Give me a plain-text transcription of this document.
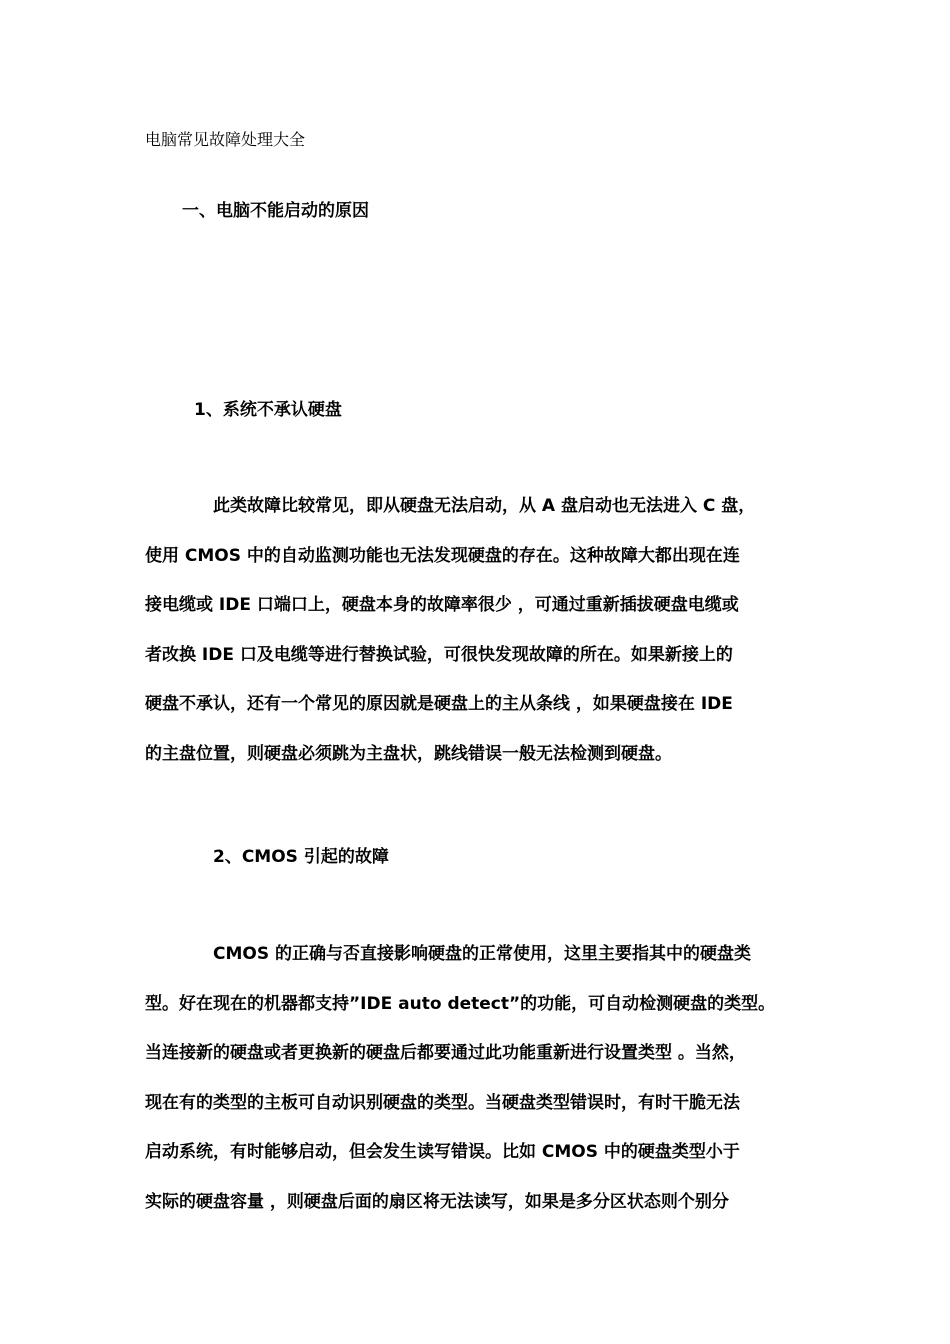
电脑常见故障处理大全

一、电脑不能启动的原因

1、系统不承认硬盘

此类故障比较常见，即从硬盘无法启动，从 A 盘启动也无法进入 C 盘，
使用 CMOS 中的自动监测功能也无法发现硬盘的存在。这种故障大都出现在连
接电缆或 IDE 口端口上，硬盘本身的故障率很少 ，可通过重新插拔硬盘电缆或
者改换 IDE 口及电缆等进行替换试验，可很快发现故障的所在。如果新接上的
硬盘不承认，还有一个常见的原因就是硬盘上的主从条线 ，如果硬盘接在 IDE
的主盘位置，则硬盘必须跳为主盘状，跳线错误一般无法检测到硬盘。

2、CMOS 引起的故障

CMOS 的正确与否直接影响硬盘的正常使用，这里主要指其中的硬盘类
型。好在现在的机器都支持”IDE auto detect”的功能，可自动检测硬盘的类型。
当连接新的硬盘或者更换新的硬盘后都要通过此功能重新进行设置类型 。当然，
现在有的类型的主板可自动识别硬盘的类型。当硬盘类型错误时，有时干脆无法
启动系统，有时能够启动，但会发生读写错误。比如 CMOS 中的硬盘类型小于
实际的硬盘容量 ，则硬盘后面的扇区将无法读写，如果是多分区状态则个别分
